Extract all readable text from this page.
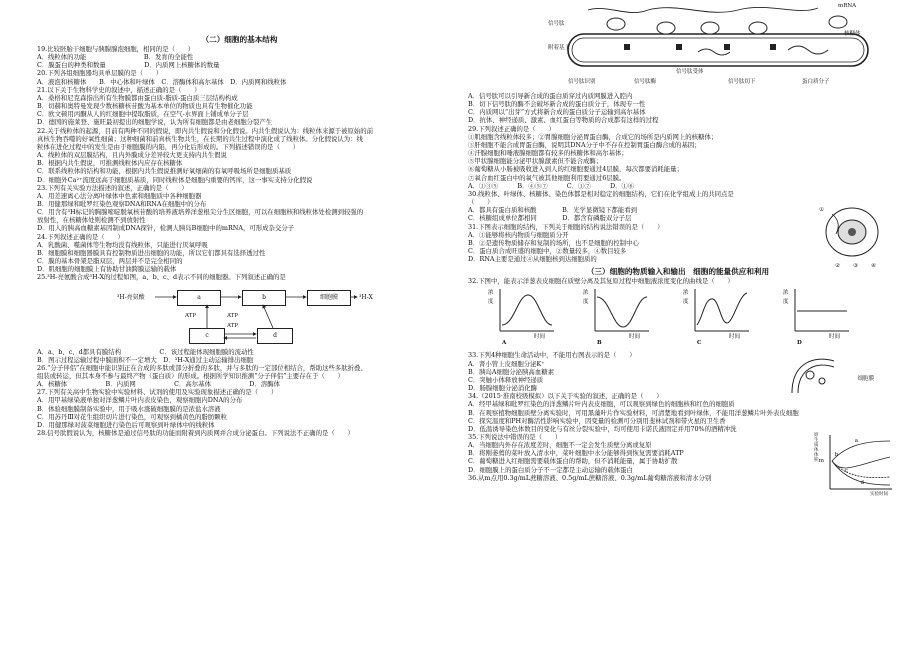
（二）细胞的基本结构
19.比较胚胎干细胞与胰腺腺泡细胞，相同的是（　　）
A．线粒体的功能　　　　　　　　　B．发育的全能性
C．膜蛋白的种类和数量　　　　　　D．内质网上核糖体的数量
20.下列各组细胞器均具单层膜的是（　　）
A．液泡和核糖体　　B．中心体和叶绿体　C．溶酶体和高尔基体　D．内质网和线粒体
21.以下关于生物科学史的叙述中，描述正确的是（　　）
A．桑格和尼克森指出所有生物膜都由蛋白质-脂质-蛋白质三层结构构成
B．切赫和奥特曼发现少数核糖核苷酸为基本单位的物质也具有生物催化功能
C．欧文顿用丙酮从人的红细胞中提取脂质，在空气-水界面上铺成单分子层
D．德国的施莱登、施旺最初提出的细胞学说，认为所有细胞都是由老细胞分裂产生
22.关于线粒体的起源，目前有两种不同的假说，即内共生假说和分化假说。内共生假说认为：线粒体来源于被原始的前
真核生物吞噬的好氧性细菌；这种细菌和前真核生物共生，在长期的共生过程中演化成了线粒体。分化假说认为：线
粒体在进化过程中的发生是由于细胞膜的内陷，再分化后形成的。下列描述错误的是（　　）
A．线粒体的双层膜结构，且内外膜成分差异较大更支持内共生假说
B．根据内共生假说，可推测线粒体内应存在核糖体
C．联系线粒体的结构和功能，根据内共生假说推测好氧细菌的有氧呼吸场所是细胞质基质
D．细胞外Ca²⁺流度远高于细胞质基质，同时线粒体是细胞内重要的钙库，这一事实支持分化假说
23.下列有关实验方法描述的叙述，正确的是（　　）
A．用差速离心法分离叶绿体中色素和细胞质中各种细胞器
B．用健那绿和吡罗红染色观察DNA和RNA在细胞中的分布
C．用含有³H标记的胸腺嘧啶脱氧核苷酸的培养液培养洋葱根尖分生区细胞，可以在细胞核和线粒体处检测到较强的
放射性，在核糖体处则检测不到放射性
D．用人的胰高血糖素基因制成DNA探针，检测人胰岛B细胞中的mRNA，可形成杂交分子
24.下列叙述正确的是（　　）
A．乳酸菌、噬菌体等生物均没有线粒体，只能进行厌氧呼吸
B．细胞膜和细胞器膜具有控制物质进出细胞的功能，所以它们都具有选择透过性
C．膜的基本骨架是脂双层，两层并不是完全相同的
D．肌细胞的细胞膜上有协助甘油跨膜运输的载体
25.³H-亮氨酸合成³H-X的过程如图，a、b、c、d表示不同的细胞器。下列叙述正确的是
³H-亮氨酸	a	b	细胞膜	³H-X
c	d
ATP	ATP
ATP
A．a、b、c、d都具有膜结构　　　　　　C．该过程能体现细胞膜的流动性
B．图示过程运输过程中膜面积不一定增大　D．³H-X通过主动运输排出细胞
26.“分子伴侣”在细胞中能识别正在合成的多肽或部分折叠的多肽，并与多肽的一定部位相结合，帮助这些多肽折叠、
组装或转运，但其本身不参与最终产物（蛋白质）的形成。根据所学知识推测“分子伴侣”主要存在于（　　）
A．核糖体　　　　　　B．内质网　　　　　　C．高尔基体　　　　　　D．溶酶体
27.下列有关高中生物实验中实验材料、试剂的使用及实验现象描述正确的是（　　）
A．用甲基绿染液单独对洋葱鳞片叶内表皮染色，观察细胞内DNA的分布
B．体验细胞膜制备实验中，用于吸水涨破细胞膜的是浓盐水溶液
C．用苏丹Ⅲ对花生组织切片进行染色，可观察到橘黄色的脂肪颗粒
D．用健那绿对菠菜细胞进行染色后可观察到叶绿体中的线粒体
28.信号肽假说认为，核糖体是通过信号肽的功能而附着到内质网并合成分泌蛋白。下列说法不正确的是（　　）
信号肽
附着基上
mRNA
核糖体
信号肽识别	信号肽酶	信号肽切下
信号肽受体
蛋白质分子
A．信号肽可以引导新合成的蛋白质穿过内质网膜进入腔内
B．切下信号肽的酶不会破坏新合成的蛋白质分子，体现专一性
C．内质网以“出芽”方式将新合成的蛋白质分子运输到高尔基体
D．抗体、神经递质、激素、血红蛋白等物质的合成都有这样的过程
29.下列叙述正确的是（　　）
①肌细胞含线粒体较多；②胃腺细胞分泌胃蛋白酶，合成它的场所是内质网上的核糖体；
③肝细胞不能合成胃蛋白酶，说明其DNA分子中不存在控制胃蛋白酶合成的基因；
④汗腺细胞和唾液腺细胞都有较多的核糖体和高尔基体；
⑤甲状腺细胞能分泌甲状腺激素但不能合成酶；
⑥葡萄糖从小肠被吸收进入到人的红细胞要通过4层膜，每次都要消耗能量；
⑦氧合血红蛋白中的氧气被其他细胞利用要通过6层膜。
A．①③⑤　　　B．④⑤⑦　　　C．①⑦　　　D．①⑥
30.线粒体、叶绿体、核糖体、染色体都是相对稳定的细胞结构，它们在化学组成上的共同点是
（　　）
A．都具有蛋白质和核酸　　　　B．光学显微镜下都能看到
C．核糖组成单位都相同　　　　D．都含有磷脂双分子层
31.下图表示细胞的结构，下列关于细胞的结构说法错误的是（　　）
A．①能够将核内物质与细胞质分开
B．②是遗传物质储存和复制的场所，也不是细胞的控制中心
C．蛋白质合成旺盛的细胞中，②数量较多，④数目较多
D．RNA主要是通过④从细胞核到达细胞质的
①
② ③ ④
（三）细胞的物质输入和输出　细胞的能量供应和利用
32.下图中，能表示洋葱表皮细胞在质壁分离及其复原过程中细胞液浓度变化的曲线是（　　）
浓度
时间
A
浓度
时间
B
浓度
时间
C
浓度
时间
D
33.下列4种细胞生命活动中，不能用右图表示的是（　　）
A．肾小管上皮细胞分泌K⁺
B．胰岛A细胞分泌胰高血糖素
C．突触小体释放神经递质
D．肠腺细胞分泌消化酶
细胞膜
34.（2015·淮南校级模拟）以下关于实验的叙述，正确的是（　　）
A．经甲基绿和吡罗红染色的洋葱鳞片叶内表皮细胞，可以观察到绿色的细胞核和红色的细胞质
B．在观察植物细胞质壁分离实验时，可用黑藻叶片作实验材料，可清楚地看到叶绿体，不能用洋葱鳞片叶外表皮细胞
C．探究温度和PH对酶活性影响实验中，因变量的检测可分别用斐林试剂和带火星的卫生香
D．低温诱导染色体数目的变化与有丝分裂实验中，均可使用卡诺氏液固定并用70%的酒精冲洗
35.下列说法中错误的是（　　）
A．当细胞内外存在浓度差时，细胞不一定会发生质壁分离或复原
B．将刚萎蔫的菜叶放入清水中，菜叶细胞中水分能够得到恢复需要消耗ATP
C．葡萄糖进入红细胞需要载体蛋白的帮助，但不消耗能量，属于协助扩散
D．细胞膜上的蛋白质分子不一定都是主动运输的载体蛋白
36.从m点用0.3g/mL蔗糖溶液、0.5g/mL蔗糖溶液、0.3g/mL葡萄糖溶液和清水分别
原生质体体积 m
a
b
c
d
实验时间
